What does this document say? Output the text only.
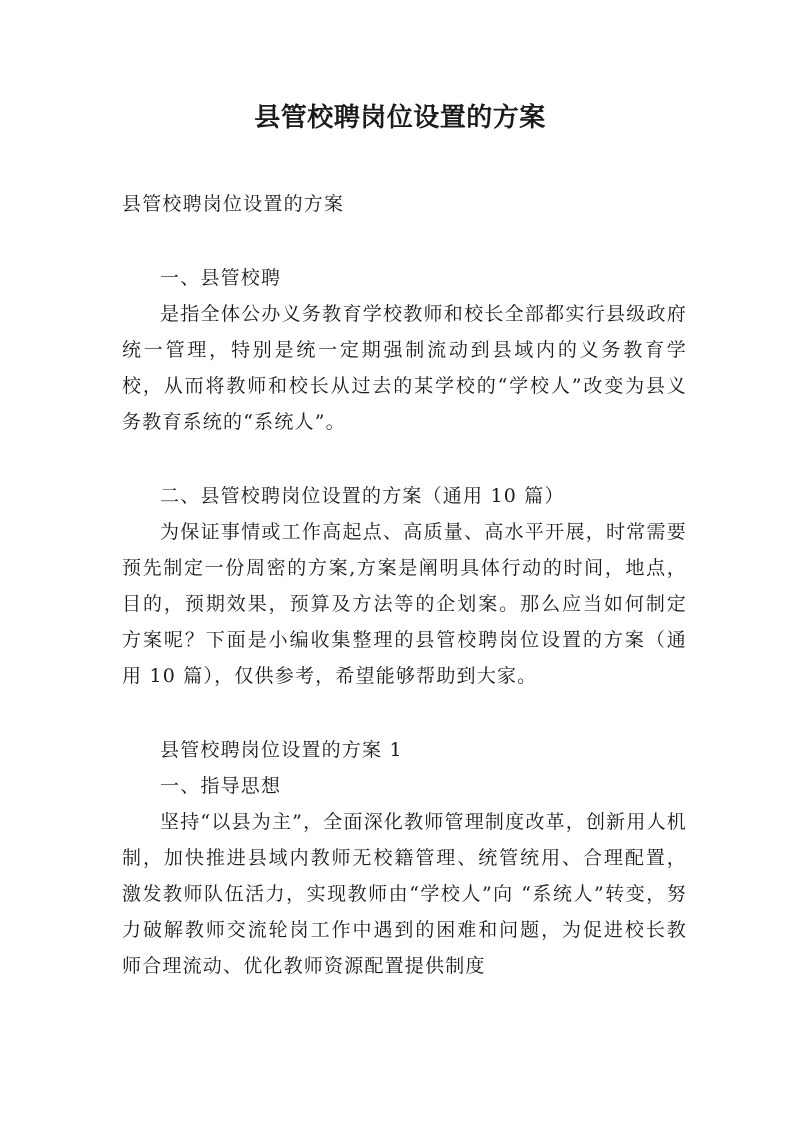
县管校聘岗位设置的方案

县管校聘岗位设置的方案

一、县管校聘

是指全体公办义务教育学校教师和校长全部都实行县级政府统一管理，特别是统一定期强制流动到县域内的义务教育学校，从而将教师和校长从过去的某学校的“学校人”改变为县义务教育系统的“系统人”。

二、县管校聘岗位设置的方案（通用 10 篇）

为保证事情或工作高起点、高质量、高水平开展，时常需要预先制定一份周密的方案,方案是阐明具体行动的时间，地点，目的，预期效果，预算及方法等的企划案。那么应当如何制定方案呢？下面是小编收集整理的县管校聘岗位设置的方案（通用 10 篇），仅供参考，希望能够帮助到大家。

县管校聘岗位设置的方案 1

一、指导思想

坚持“以县为主”，全面深化教师管理制度改革，创新用人机制，加快推进县域内教师无校籍管理、统管统用、合理配置，激发教师队伍活力，实现教师由“学校人”向 “系统人”转变，努力破解教师交流轮岗工作中遇到的困难和问题，为促进校长教师合理流动、优化教师资源配置提供制度
